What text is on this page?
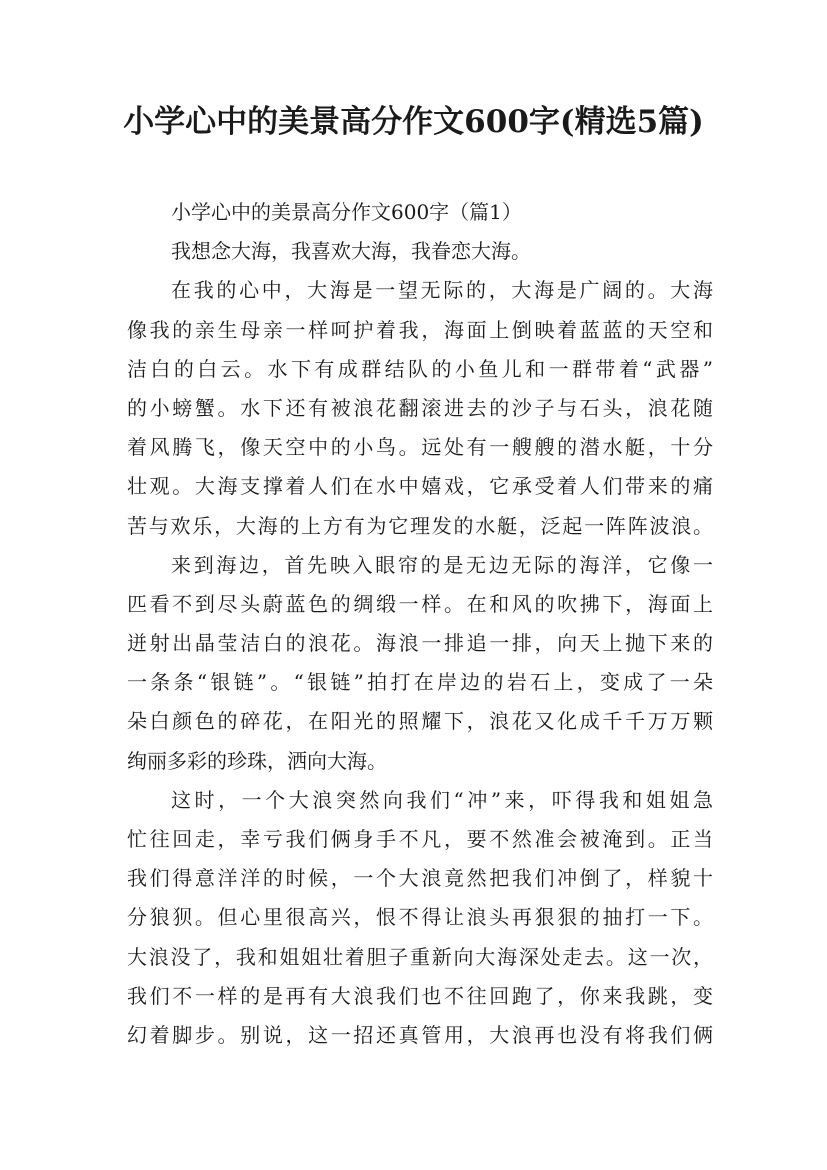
小学心中的美景高分作文600字(精选5篇)
小学心中的美景高分作文600字（篇1）
我想念大海，我喜欢大海，我眷恋大海。
在我的心中，大海是一望无际的，大海是广阔的。大海
像我的亲生母亲一样呵护着我，海面上倒映着蓝蓝的天空和
洁白的白云。水下有成群结队的小鱼儿和一群带着“武器”
的小螃蟹。水下还有被浪花翻滚进去的沙子与石头，浪花随
着风腾飞，像天空中的小鸟。远处有一艘艘的潜水艇，十分
壮观。大海支撑着人们在水中嬉戏，它承受着人们带来的痛
苦与欢乐，大海的上方有为它理发的水艇，泛起一阵阵波浪。
来到海边，首先映入眼帘的是无边无际的海洋，它像一
匹看不到尽头蔚蓝色的绸缎一样。在和风的吹拂下，海面上
迸射出晶莹洁白的浪花。海浪一排追一排，向天上抛下来的
一条条“银链”。“银链”拍打在岸边的岩石上，变成了一朵
朵白颜色的碎花，在阳光的照耀下，浪花又化成千千万万颗
绚丽多彩的珍珠，洒向大海。
这时，一个大浪突然向我们“冲”来，吓得我和姐姐急
忙往回走，幸亏我们俩身手不凡，要不然准会被淹到。正当
我们得意洋洋的时候，一个大浪竟然把我们冲倒了，样貌十
分狼狈。但心里很高兴，恨不得让浪头再狠狠的抽打一下。
大浪没了，我和姐姐壮着胆子重新向大海深处走去。这一次，
我们不一样的是再有大浪我们也不往回跑了，你来我跳，变
幻着脚步。别说，这一招还真管用，大浪再也没有将我们俩
